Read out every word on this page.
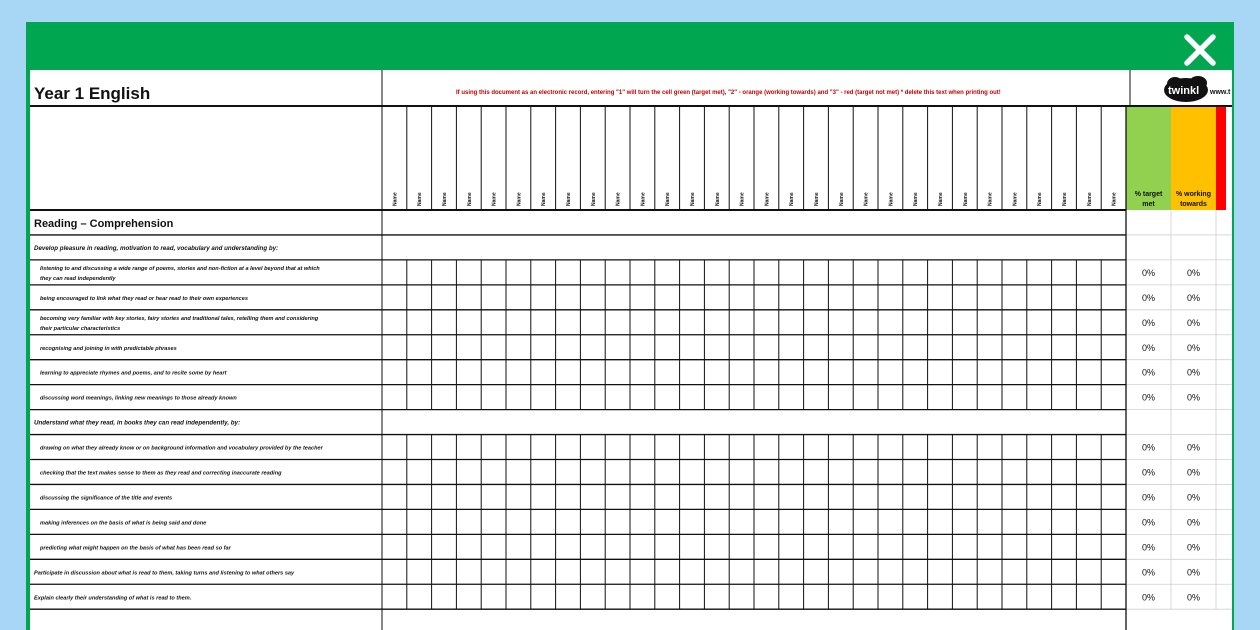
Year 1 English	If using this document as an electronic record, entering "1" will turn the cell green (target met), "2" - orange (working towards) and "3" - red (target not met) * delete this text when printing out!	twinkl www.t
% target
met
% working
towards
Name	Name	Name	Name	Name	Name	Name	Name	Name	Name	Name	Name	Name	Name	Name	Name	Name	Name	Name	Name	Name	Name	Name	Name	Name	Name	Name	Name	Name	Name
Reading – Comprehension
Develop pleasure in reading, motivation to read, vocabulary and understanding by:
listening to and discussing a wide range of poems, stories and non-fiction at a level beyond that at which
they can read independently
0%	0%
being encouraged to link what they read or hear read to their own experiences	0%	0%
becoming very familiar with key stories, fairy stories and traditional tales, retelling them and considering
their particular characteristics
0%	0%
recognising and joining in with predictable phrases	0%	0%
learning to appreciate rhymes and poems, and to recite some by heart	0%	0%
discussing word meanings, linking new meanings to those already known	0%	0%
Understand what they read, in books they can read independently, by:
drawing on what they already know or on background information and vocabulary provided by the teacher	0%	0%
checking that the text makes sense to them as they read and correcting inaccurate reading	0%	0%
discussing the significance of the title and events	0%	0%
making inferences on the basis of what is being said and done	0%	0%
predicting what might happen on the basis of what has been read so far	0%	0%
Participate in discussion about what is read to them, taking turns and listening to what others say	0%	0%
Explain clearly their understanding of what is read to them.	0%	0%
